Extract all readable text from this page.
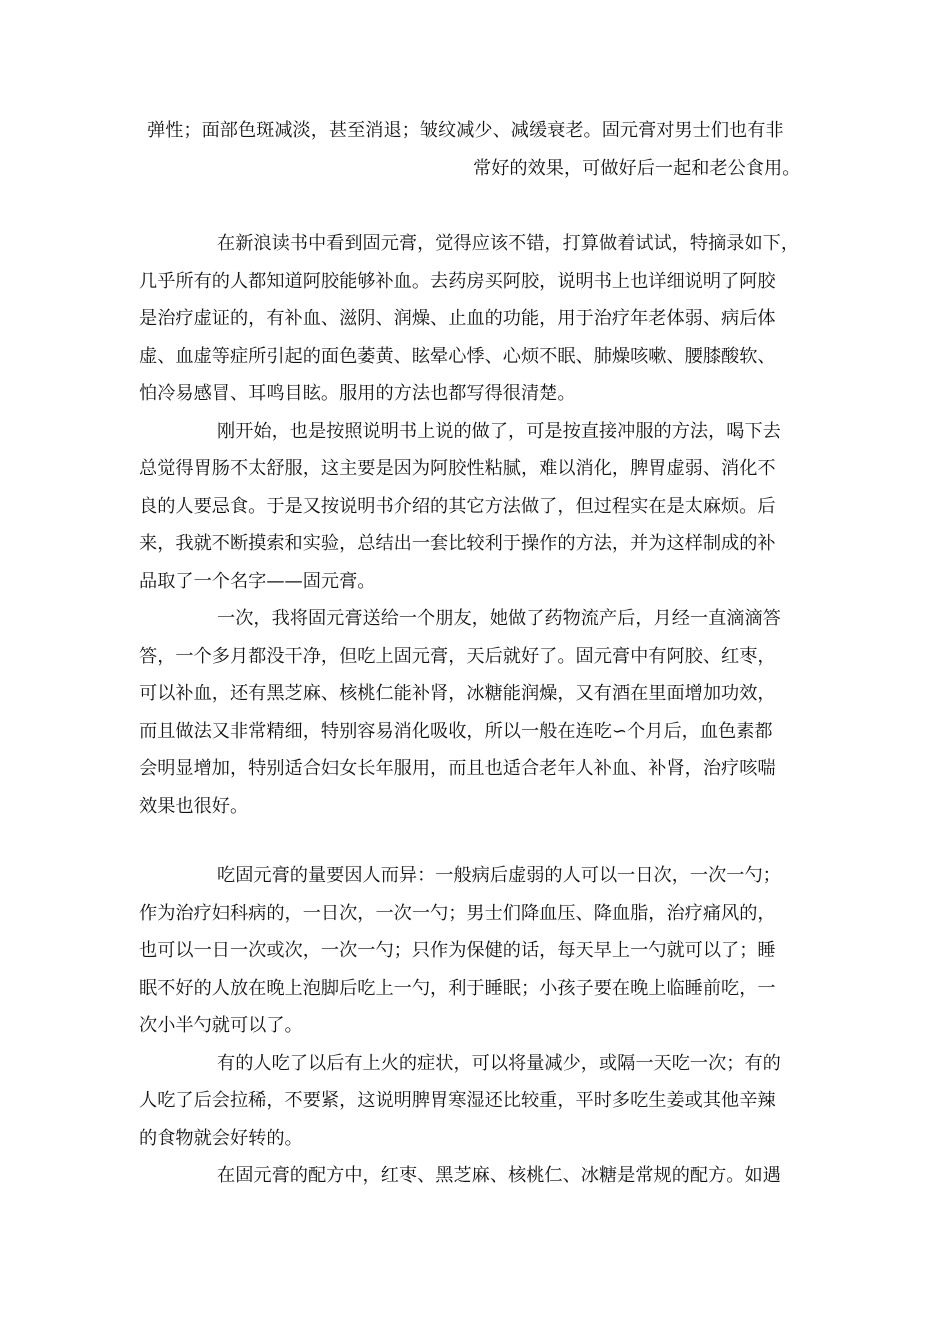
弹性；面部色斑减淡，甚至消退；皱纹减少、减缓衰老。固元膏对男士们也有非
常好的效果，可做好后一起和老公食用。
在新浪读书中看到固元膏，觉得应该不错，打算做着试试，特摘录如下，
几乎所有的人都知道阿胶能够补血。去药房买阿胶，说明书上也详细说明了阿胶
是治疗虚证的，有补血、滋阴、润燥、止血的功能，用于治疗年老体弱、病后体
虚、血虚等症所引起的面色萎黄、眩晕心悸、心烦不眠、肺燥咳嗽、腰膝酸软、
怕冷易感冒、耳鸣目眩。服用的方法也都写得很清楚。
刚开始，也是按照说明书上说的做了，可是按直接冲服的方法，喝下去
总觉得胃肠不太舒服，这主要是因为阿胶性粘腻，难以消化，脾胃虚弱、消化不
良的人要忌食。于是又按说明书介绍的其它方法做了，但过程实在是太麻烦。后
来，我就不断摸索和实验，总结出一套比较利于操作的方法，并为这样制成的补
品取了一个名字——固元膏。
一次，我将固元膏送给一个朋友，她做了药物流产后，月经一直滴滴答
答，一个多月都没干净，但吃上固元膏，天后就好了。固元膏中有阿胶、红枣，
可以补血，还有黑芝麻、核桃仁能补肾，冰糖能润燥，又有酒在里面增加功效，
而且做法又非常精细，特别容易消化吸收，所以一般在连吃∽个月后，血色素都
会明显增加，特别适合妇女长年服用，而且也适合老年人补血、补肾，治疗咳喘
效果也很好。
吃固元膏的量要因人而异：一般病后虚弱的人可以一日次，一次一勺；
作为治疗妇科病的，一日次，一次一勺；男士们降血压、降血脂，治疗痛风的，
也可以一日一次或次，一次一勺；只作为保健的话，每天早上一勺就可以了；睡
眠不好的人放在晚上泡脚后吃上一勺，利于睡眠；小孩子要在晚上临睡前吃，一
次小半勺就可以了。
有的人吃了以后有上火的症状，可以将量减少，或隔一天吃一次；有的
人吃了后会拉稀，不要紧，这说明脾胃寒湿还比较重，平时多吃生姜或其他辛辣
的食物就会好转的。
在固元膏的配方中，红枣、黑芝麻、核桃仁、冰糖是常规的配方。如遇
